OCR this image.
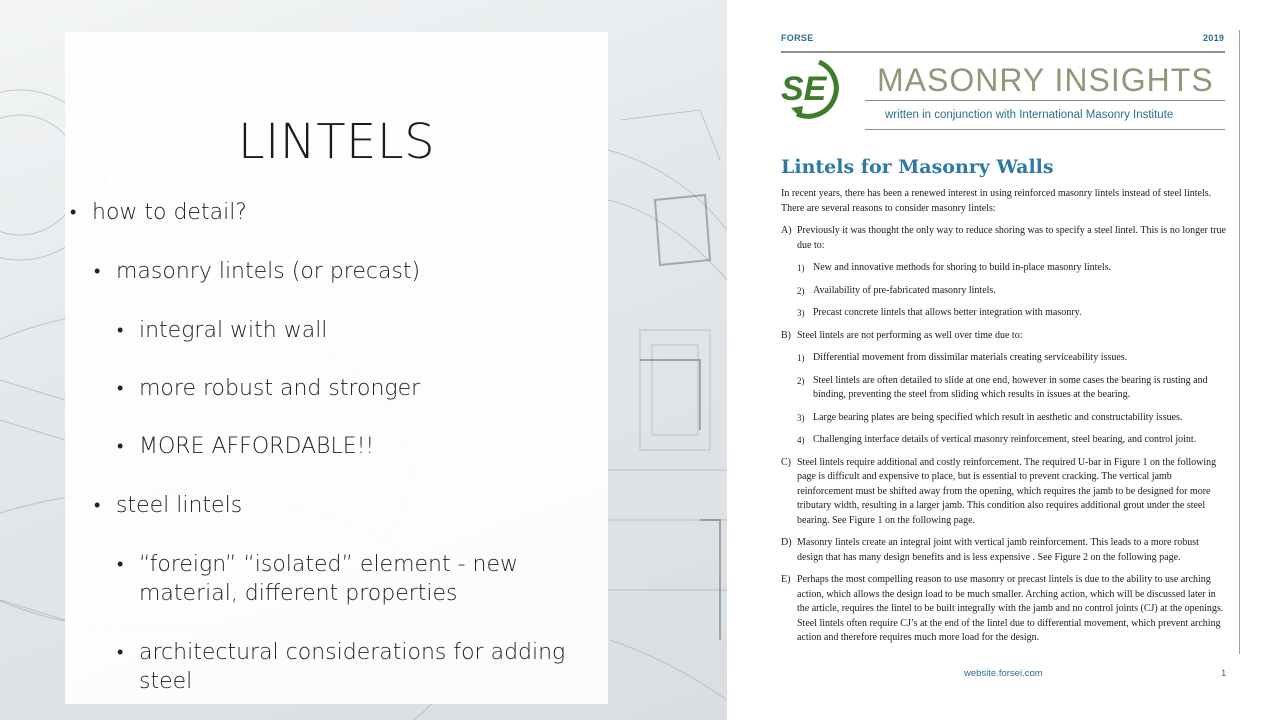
LINTELS
• how to detail?
• masonry lintels (or precast)
• integral with wall
• more robust and stronger
• MORE AFFORDABLE!!
• steel lintels
• “foreign” “isolated” element - new material, different properties
• architectural considerations for adding steel
FORSE	2019
SE MASONRY INSIGHTS
written in conjunction with International Masonry Institute
Lintels for Masonry Walls

In recent years, there has been a renewed interest in using reinforced masonry lintels instead of steel lintels. There are several reasons to consider masonry lintels:

A) Previously it was thought the only way to reduce shoring was to specify a steel lintel. This is no longer true due to:
1) New and innovative methods for shoring to build in-place masonry lintels.
2) Availability of pre-fabricated masonry lintels.
3) Precast concrete lintels that allows better integration with masonry.
B) Steel lintels are not performing as well over time due to:
1) Differential movement from dissimilar materials creating serviceability issues.
2) Steel lintels are often detailed to slide at one end, however in some cases the bearing is rusting and binding, preventing the steel from sliding which results in issues at the bearing.
3) Large bearing plates are being specified which result in aesthetic and constructability issues.
4) Challenging interface details of vertical masonry reinforcement, steel bearing, and control joint.
C) Steel lintels require additional and costly reinforcement. The required U-bar in Figure 1 on the following page is difficult and expensive to place, but is essential to prevent cracking. The vertical jamb reinforcement must be shifted away from the opening, which requires the jamb to be designed for more tributary width, resulting in a larger jamb. This condition also requires additional grout under the steel bearing. See Figure 1 on the following page.
D) Masonry lintels create an integral joint with vertical jamb reinforcement. This leads to a more robust design that has many design benefits and is less expensive . See Figure 2 on the following page.
E) Perhaps the most compelling reason to use masonry or precast lintels is due to the ability to use arching action, which allows the design load to be much smaller. Arching action, which will be discussed later in the article, requires the lintel to be built integrally with the jamb and no control joints (CJ) at the openings. Steel lintels often require CJ’s at the end of the lintel due to differential movement, which prevent arching action and therefore requires much more load for the design.
website.forsei.com	1
